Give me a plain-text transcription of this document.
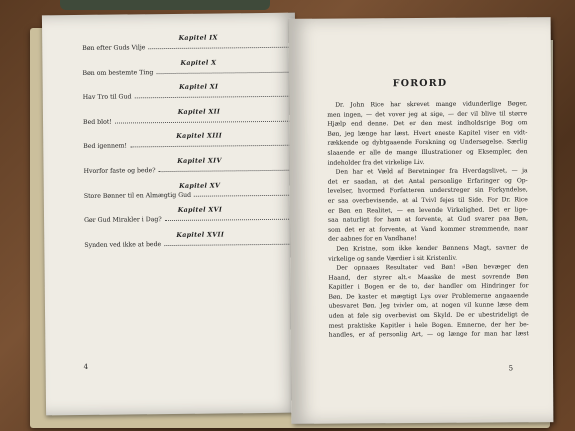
Kapitel IX
Bøn efter Guds Vilje
Kapitel X
Bøn om bestemte Ting
Kapitel XI
Hav Tro til Gud
Kapitel XII
Bed blot!
Kapitel XIII
Bed igennem!
Kapitel XIV
Hvorfor faste og bede?
Kapitel XV
Store Bønner til en Almægtig Gud
Kapitel XVI
Gør Gud Mirakler i Dag?
Kapitel XVII
Synden ved ikke at bede
4
FORORD
Dr. John Rice har skrevet mange vidunderlige Bøger,
men ingen, — det vover jeg at sige, — der vil blive til større
Hjælp end denne. Det er den mest indholdsrige Bog om
Bøn, jeg længe har læst. Hvert eneste Kapitel viser en vidt-
rækkende og dybtgaaende Forskning og Undersøgelse. Særlig
slaaende er alle de mange Illustrationer og Eksempler, den
indeholder fra det virkelige Liv.
Den har et Væld af Beretninger fra Hverdagslivet, — ja
det er saadan, at det Antal personlige Erfaringer og Op-
levelser, hvormed Forfatteren understreger sin Forkyndelse,
er saa overbevisende, at al Tvivl fejes til Side. For Dr. Rice
er Bøn en Realitet, — en levende Virkelighed. Det er lige-
saa naturligt for ham at forvente, at Gud svarer paa Bøn,
som det er at forvente, at Vand kommer strømmende, naar
der aabnes for en Vandhane!
Den Kristne, som ikke kender Bønnens Magt, savner de
virkelige og sande Værdier i sit Kristenliv.
Der opnaaes Resultater ved Bøn! »Bøn bevæger den
Haand, der styrer alt.« Maaske de mest sovrende Bøn
Kapitler i Bogen er de to, der handler om Hindringer for
Bøn. De kaster et mægtigt Lys over Problemerne angaaende
ubesvaret Bøn. Jeg tvivler om, at nogen vil kunne læse dem
uden at føle sig overbevist om Skyld. De er ubestrideligt de
mest praktiske Kapitler i hele Bogen. Emnerne, der her be-
handles, er af personlig Art, — og længe for man har læst
5
